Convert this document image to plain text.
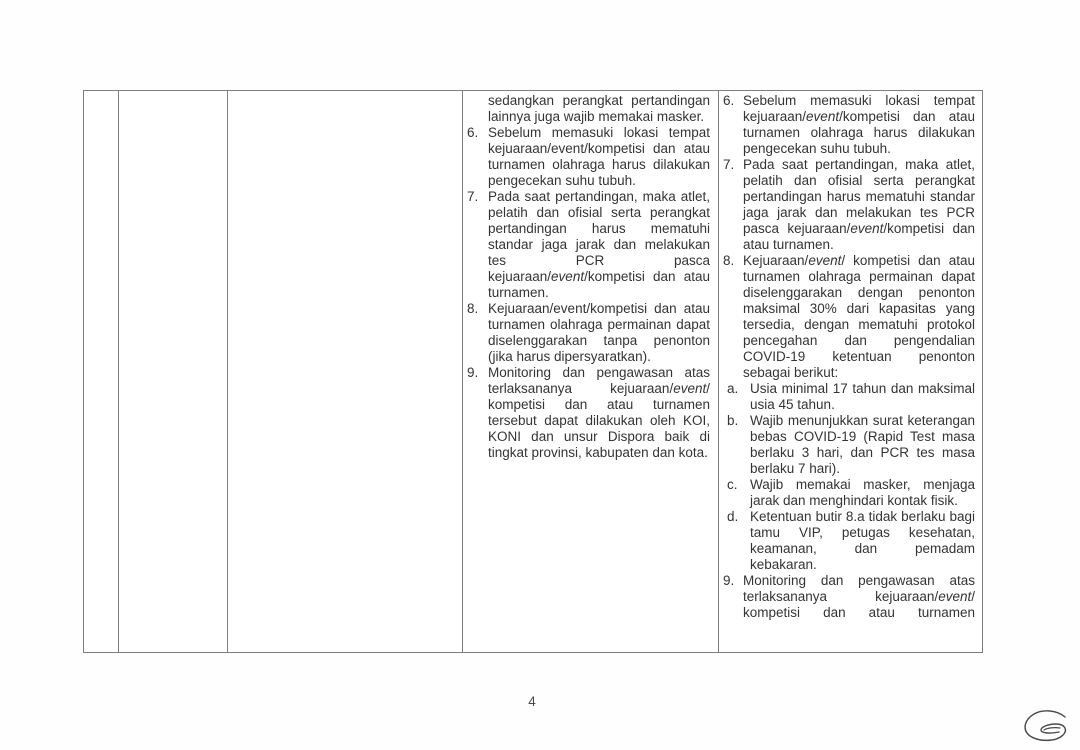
sedangkan perangkat pertandingan lainnya juga wajib memakai masker.

6. Sebelum memasuki lokasi tempat kejuaraan/event/kompetisi dan atau turnamen olahraga harus dilakukan pengecekan suhu tubuh.

7. Pada saat pertandingan, maka atlet, pelatih dan ofisial serta perangkat pertandingan harus mematuhi standar jaga jarak dan melakukan tes PCR pasca kejuaraan/event/kompetisi dan atau turnamen.

8. Kejuaraan/event/kompetisi dan atau turnamen olahraga permainan dapat diselenggarakan tanpa penonton (jika harus dipersyaratkan).

9. Monitoring dan pengawasan atas terlaksananya kejuaraan/event/ kompetisi dan atau turnamen tersebut dapat dilakukan oleh KOI, KONI dan unsur Dispora baik di tingkat provinsi, kabupaten dan kota.

6. Sebelum memasuki lokasi tempat kejuaraan/event/kompetisi dan atau turnamen olahraga harus dilakukan pengecekan suhu tubuh.

7. Pada saat pertandingan, maka atlet, pelatih dan ofisial serta perangkat pertandingan harus mematuhi standar jaga jarak dan melakukan tes PCR pasca kejuaraan/event/kompetisi dan atau turnamen.

8. Kejuaraan/event/ kompetisi dan atau turnamen olahraga permainan dapat diselenggarakan dengan penonton maksimal 30% dari kapasitas yang tersedia, dengan mematuhi protokol pencegahan dan pengendalian COVID-19 ketentuan penonton sebagai berikut:

a. Usia minimal 17 tahun dan maksimal usia 45 tahun.

b. Wajib menunjukkan surat keterangan bebas COVID-19 (Rapid Test masa berlaku 3 hari, dan PCR tes masa berlaku 7 hari).

c. Wajib memakai masker, menjaga jarak dan menghindari kontak fisik.

d. Ketentuan butir 8.a tidak berlaku bagi tamu VIP, petugas kesehatan, keamanan, dan pemadam kebakaran.

9. Monitoring dan pengawasan atas terlaksananya kejuaraan/event/ kompetisi dan atau turnamen

4
